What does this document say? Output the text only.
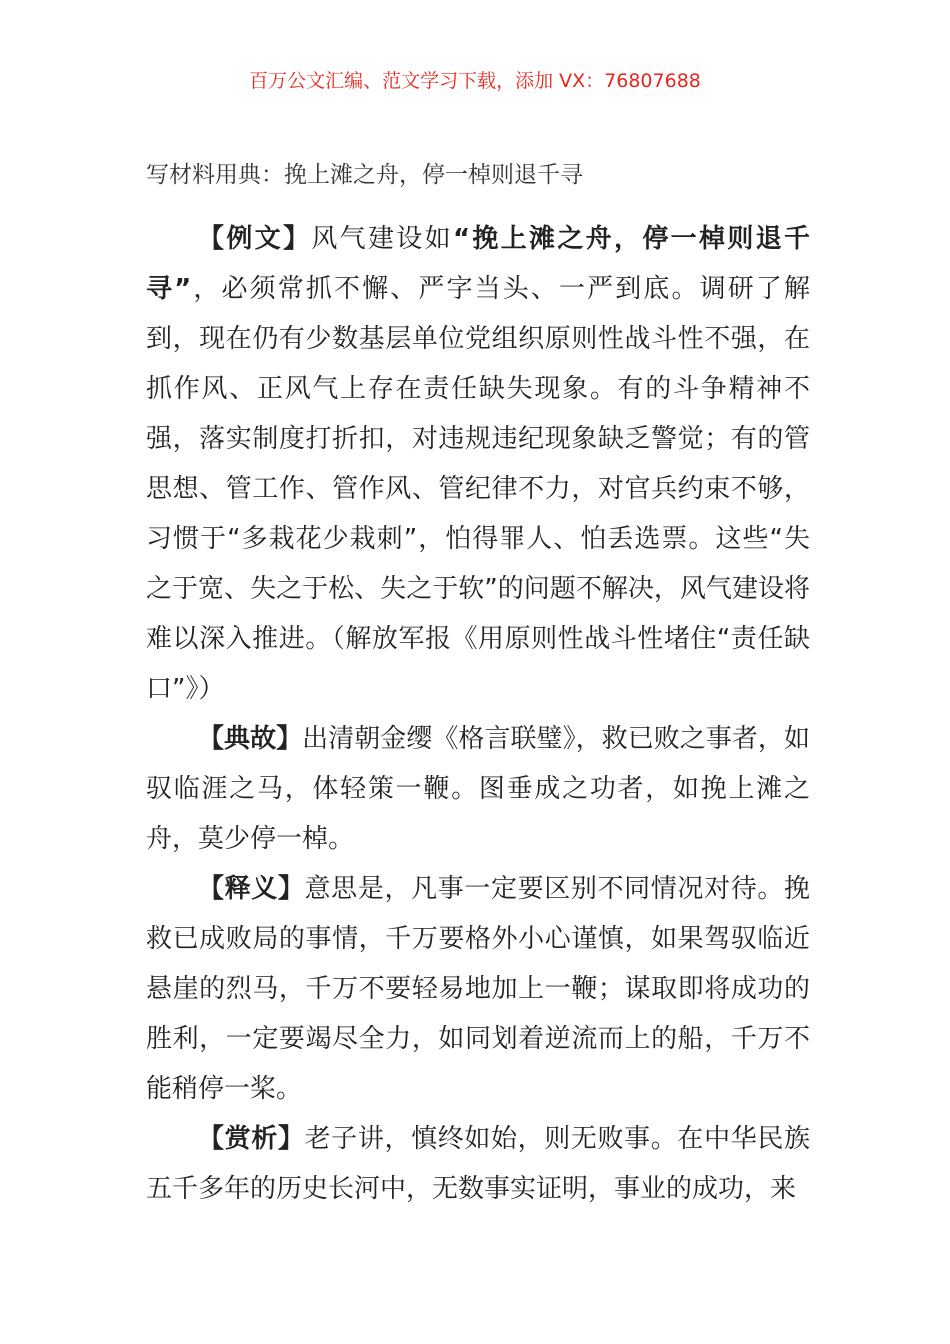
百万公文汇编、范文学习下载，添加 VX：76807688
写材料用典：挽上滩之舟，停一棹则退千寻

【例文】风气建设如“挽上滩之舟，停一棹则退千寻”，必须常抓不懈、严字当头、一严到底。调研了解到，现在仍有少数基层单位党组织原则性战斗性不强，在抓作风、正风气上存在责任缺失现象。有的斗争精神不强，落实制度打折扣，对违规违纪现象缺乏警觉；有的管思想、管工作、管作风、管纪律不力，对官兵约束不够，习惯于“多栽花少栽刺”，怕得罪人、怕丢选票。这些“失之于宽、失之于松、失之于软”的问题不解决，风气建设将难以深入推进。（解放军报《用原则性战斗性堵住“责任缺口”》）

【典故】出清朝金缨《格言联璧》，救已败之事者，如驭临涯之马，体轻策一鞭。图垂成之功者，如挽上滩之舟，莫少停一棹。

【释义】意思是，凡事一定要区别不同情况对待。挽救已成败局的事情，千万要格外小心谨慎，如果驾驭临近悬崖的烈马，千万不要轻易地加上一鞭；谋取即将成功的胜利，一定要竭尽全力，如同划着逆流而上的船，千万不能稍停一桨。

【赏析】老子讲，慎终如始，则无败事。在中华民族五千多年的历史长河中，无数事实证明，事业的成功，来
